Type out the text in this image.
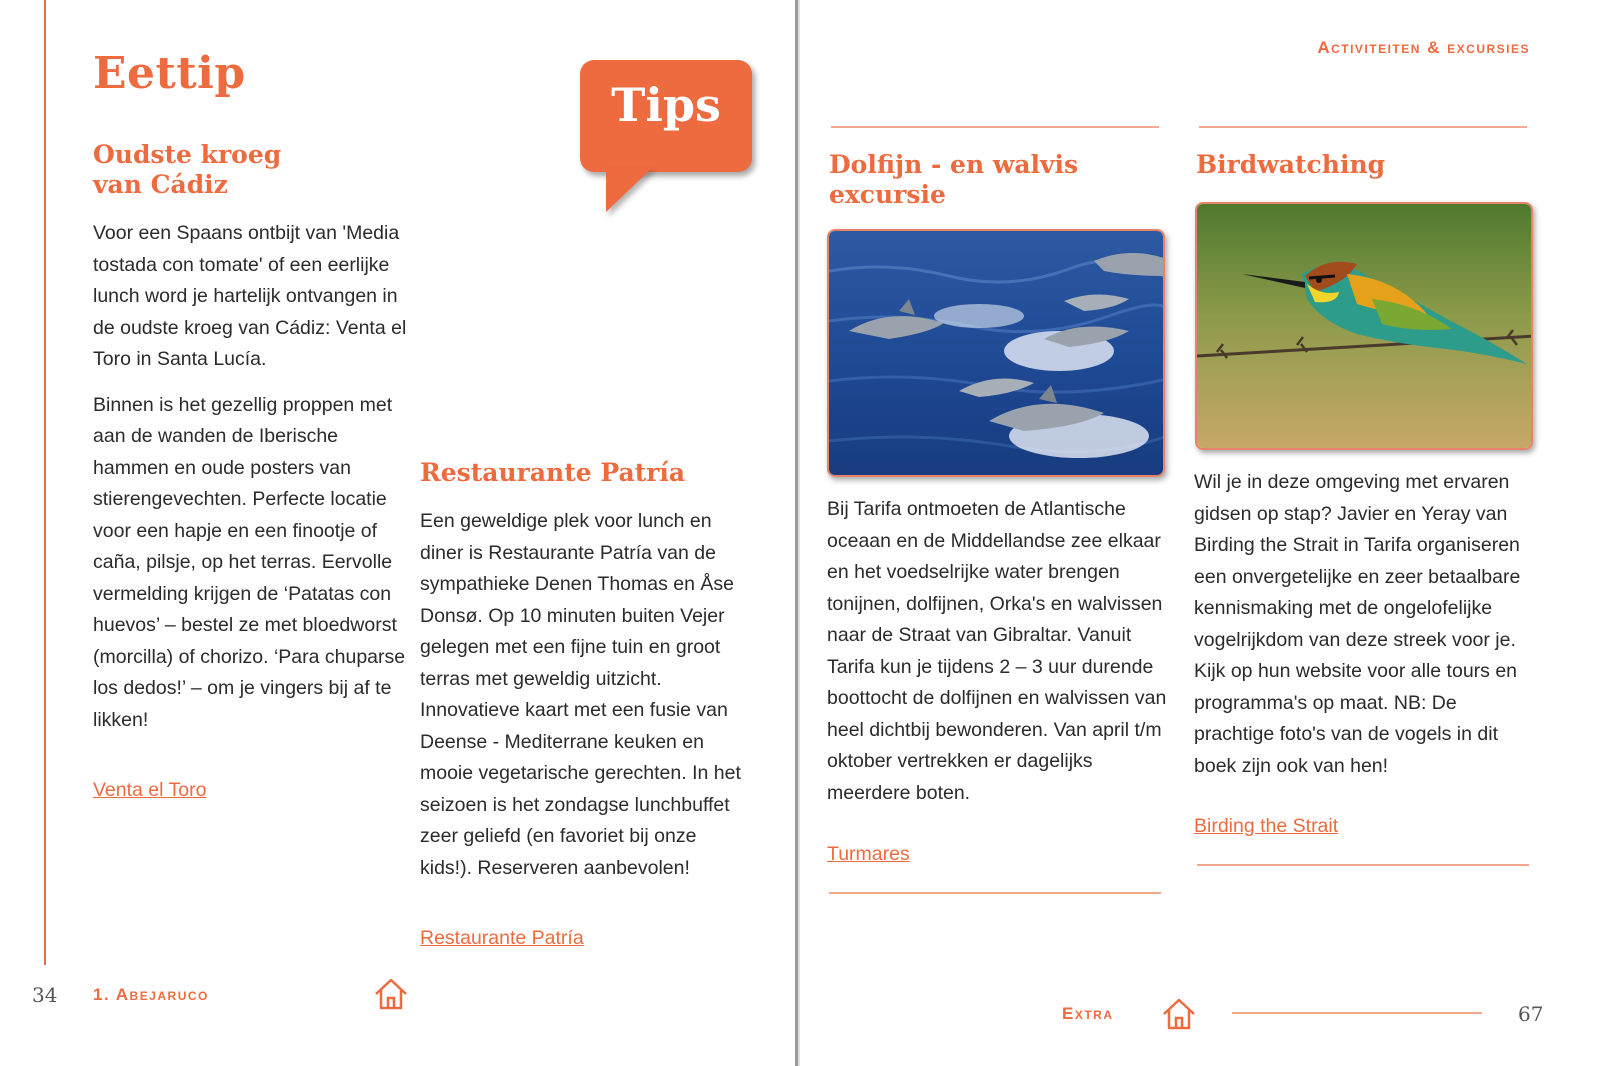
Eettip
Oudste kroeg
van Cádiz

Voor een Spaans ontbijt van 'Media tostada con tomate' of een eerlijke lunch word je hartelijk ontvangen in de oudste kroeg van Cádiz: Venta el Toro in Santa Lucía.

Binnen is het gezellig proppen met aan de wanden de Iberische hammen en oude posters van stierengevechten. Perfecte locatie voor een hapje en een finootje of caña, pilsje, op het terras. Eervolle vermelding krijgen de ‘Patatas con huevos’ – bestel ze met bloedworst (morcilla) of chorizo. ‘Para chuparse los dedos!’ – om je vingers bij af te likken!

Venta el Toro
Tips
Restaurante Patría

Een geweldige plek voor lunch en diner is Restaurante Patría van de sympathieke Denen Thomas en Åse Donsø. Op 10 minuten buiten Vejer gelegen met een fijne tuin en groot terras met geweldig uitzicht. Innovatieve kaart met een fusie van Deense - Mediterrane keuken en mooie vegetarische gerechten. In het seizoen is het zondagse lunchbuffet zeer geliefd (en favoriet bij onze kids!). Reserveren aanbevolen!

Restaurante Patría
34 1. Abejaruco
Activiteiten & excursies
Dolfijn - en walvis
excursie

Bij Tarifa ontmoeten de Atlantische oceaan en de Middellandse zee elkaar en het voedselrijke water brengen tonijnen, dolfijnen, Orka's en walvissen naar de Straat van Gibraltar. Vanuit Tarifa kun je tijdens 2 – 3 uur durende boottocht de dolfijnen en walvissen van heel dichtbij bewonderen. Van april t/m oktober vertrekken er dagelijks meerdere boten.

Turmares
Birdwatching

Wil je in deze omgeving met ervaren gidsen op stap? Javier en Yeray van Birding the Strait in Tarifa organiseren een onvergetelijke en zeer betaalbare kennismaking met de ongelofelijke vogelrijkdom van deze streek voor je. Kijk op hun website voor alle tours en programma's op maat. NB: De prachtige foto's van de vogels in dit boek zijn ook van hen!

Birding the Strait
Extra	67
